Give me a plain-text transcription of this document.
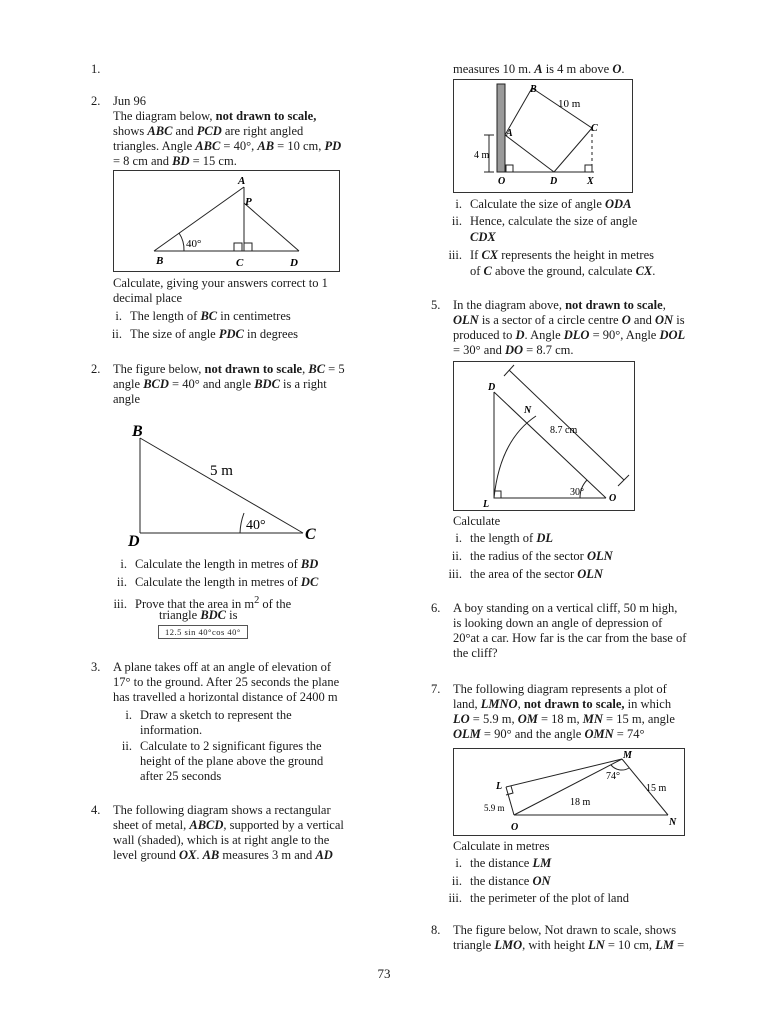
1.
2.	Jun 96
The diagram below, not drawn to scale,
shows ABC and PCD are right angled
triangles. Angle ABC = 40°, AB = 10 cm, PD
= 8 cm and BD = 15 cm.
A
P
B	C	D
40°
Calculate, giving your answers correct to 1
decimal place
i. The length of BC in centimetres
ii. The size of angle PDC in degrees
2.	The figure below, not drawn to scale, BC = 5
angle BCD = 40° and angle BDC is a right
angle
B
D	C
5 m
40°
i. Calculate the length in metres of BD
ii. Calculate the length in metres of DC
iii. Prove that the area in $m^2$ of the
triangle BDC is
12.5 sin 40°cos 40°
3.	A plane takes off at an angle of elevation of
17° to the ground. After 25 seconds the plane
has travelled a horizontal distance of 2400 m
i. Draw a sketch to represent the
information.
ii. Calculate to 2 significant figures the
height of the plane above the ground
after 25 seconds
4.	The following diagram shows a rectangular
sheet of metal, ABCD, supported by a vertical
wall (shaded), which is at right angle to the
level ground OX. AB measures 3 m and AD
measures 10 m. A is 4 m above O.
A
B
C
O	D	X
10 m
4 m
i. Calculate the size of angle ODA
ii. Hence, calculate the size of angle
CDX
iii. If CX represents the height in metres
of C above the ground, calculate CX.
5.	In the diagram above, not drawn to scale,
OLN is a sector of a circle centre O and ON is
produced to D. Angle DLO = 90°, Angle DOL
= 30° and DO = 8.7 cm.
D
N
L
O
8.7 cm
30°
Calculate
i. the length of DL
ii. the radius of the sector OLN
iii. the area of the sector OLN
6.	A boy standing on a vertical cliff, 50 m high,
is looking down an angle of depression of
20°at a car. How far is the car from the base of
the cliff?
7.	The following diagram represents a plot of
land, LMNO, not drawn to scale, in which
LO = 5.9 m, OM = 18 m, MN = 15 m, angle
OLM = 90° and the angle OMN = 74°
M
L
O	N
5.9 m	18 m
15 m
74°
Calculate in metres
i. the distance LM
ii. the distance ON
iii. the perimeter of the plot of land
8.	The figure below, Not drawn to scale, shows
triangle LMO, with height LN = 10 cm, LM =
73
